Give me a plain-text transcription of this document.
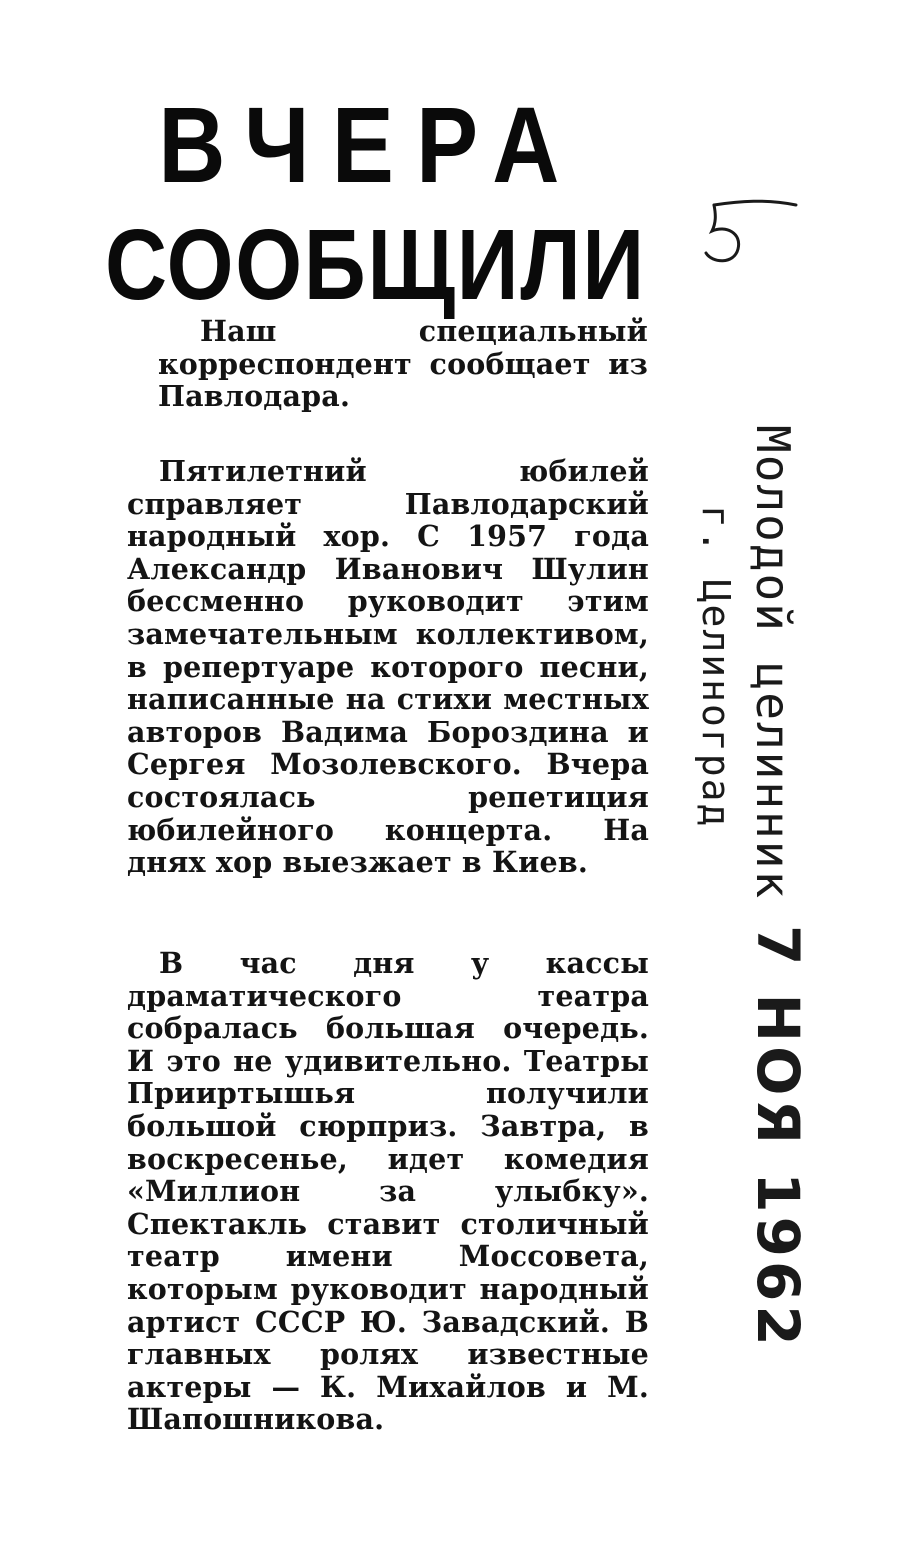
ВЧЕРА
СООБЩИЛИ

Наш специальный корреспондент сообщает из Павлодара.

Пятилетний юбилей справляет Павлодарский народный хор. С 1957 года Александр Иванович Шулин бессменно руководит этим замечательным коллективом, в репертуаре которого песни, написанные на стихи местных авторов Вадима Бороздина и Сергея Мозолевского. Вчера состоялась репетиция юбилейного концерта. На днях хор выезжает в Киев.

В час дня у кассы драматического театра собралась большая очередь. И это не удивительно. Театры Прииртышья получили большой сюрприз. Завтра, в воскресенье, идет комедия «Миллион за улыбку». Спектакль ставит столичный театр имени Моссовета, которым руководит народный артист СССР Ю. Завадский. В главных ролях известные актеры — К. Михайлов и М. Шапошникова.

Молодой целинник
г. Целиноград
7 НОЯ 1962
